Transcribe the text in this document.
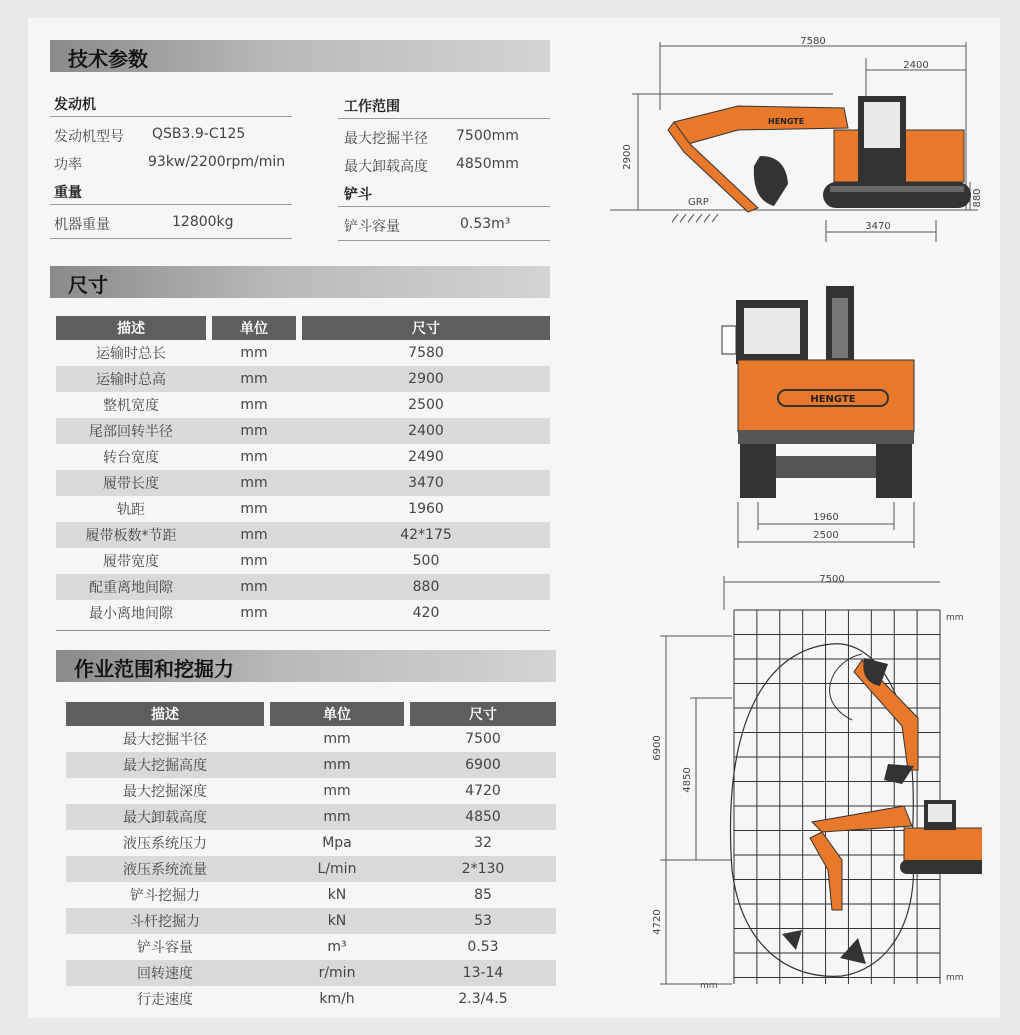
技术参数
发动机
发动机型号 QSB3.9-C125
功率	93kw/2200rpm/min
重量
机器重量	12800kg
工作范围
最大挖掘半径 7500mm
最大卸载高度 4850mm
铲斗
铲斗容量	0.53m³
尺寸
描述	单位	尺寸
运输时总长	mm	7580
运输时总高	mm	2900
整机宽度	mm	2500
尾部回转半径	mm	2400
转台宽度	mm	2490
履带长度	mm	3470
轨距	mm	1960
履带板数*节距	mm	42*175
履带宽度	mm	500
配重离地间隙	mm	880
最小离地间隙	mm	420
作业范围和挖掘力
描述	单位	尺寸
最大挖掘半径	mm	7500
最大挖掘高度	mm	6900
最大挖掘深度	mm	4720
最大卸载高度	mm	4850
液压系统压力	Mpa	32
液压系统流量	L/min	2*130
铲斗挖掘力	kN	85
斗杆挖掘力	kN	53
铲斗容量	m³	0.53
回转速度	r/min	13-14
行走速度	km/h	2.3/4.5
7580
2400
2900
3470
880
GRP
HENGTE
HENGTE
1960
2500
7500
mm
mm
mm
6900
4850
4720
